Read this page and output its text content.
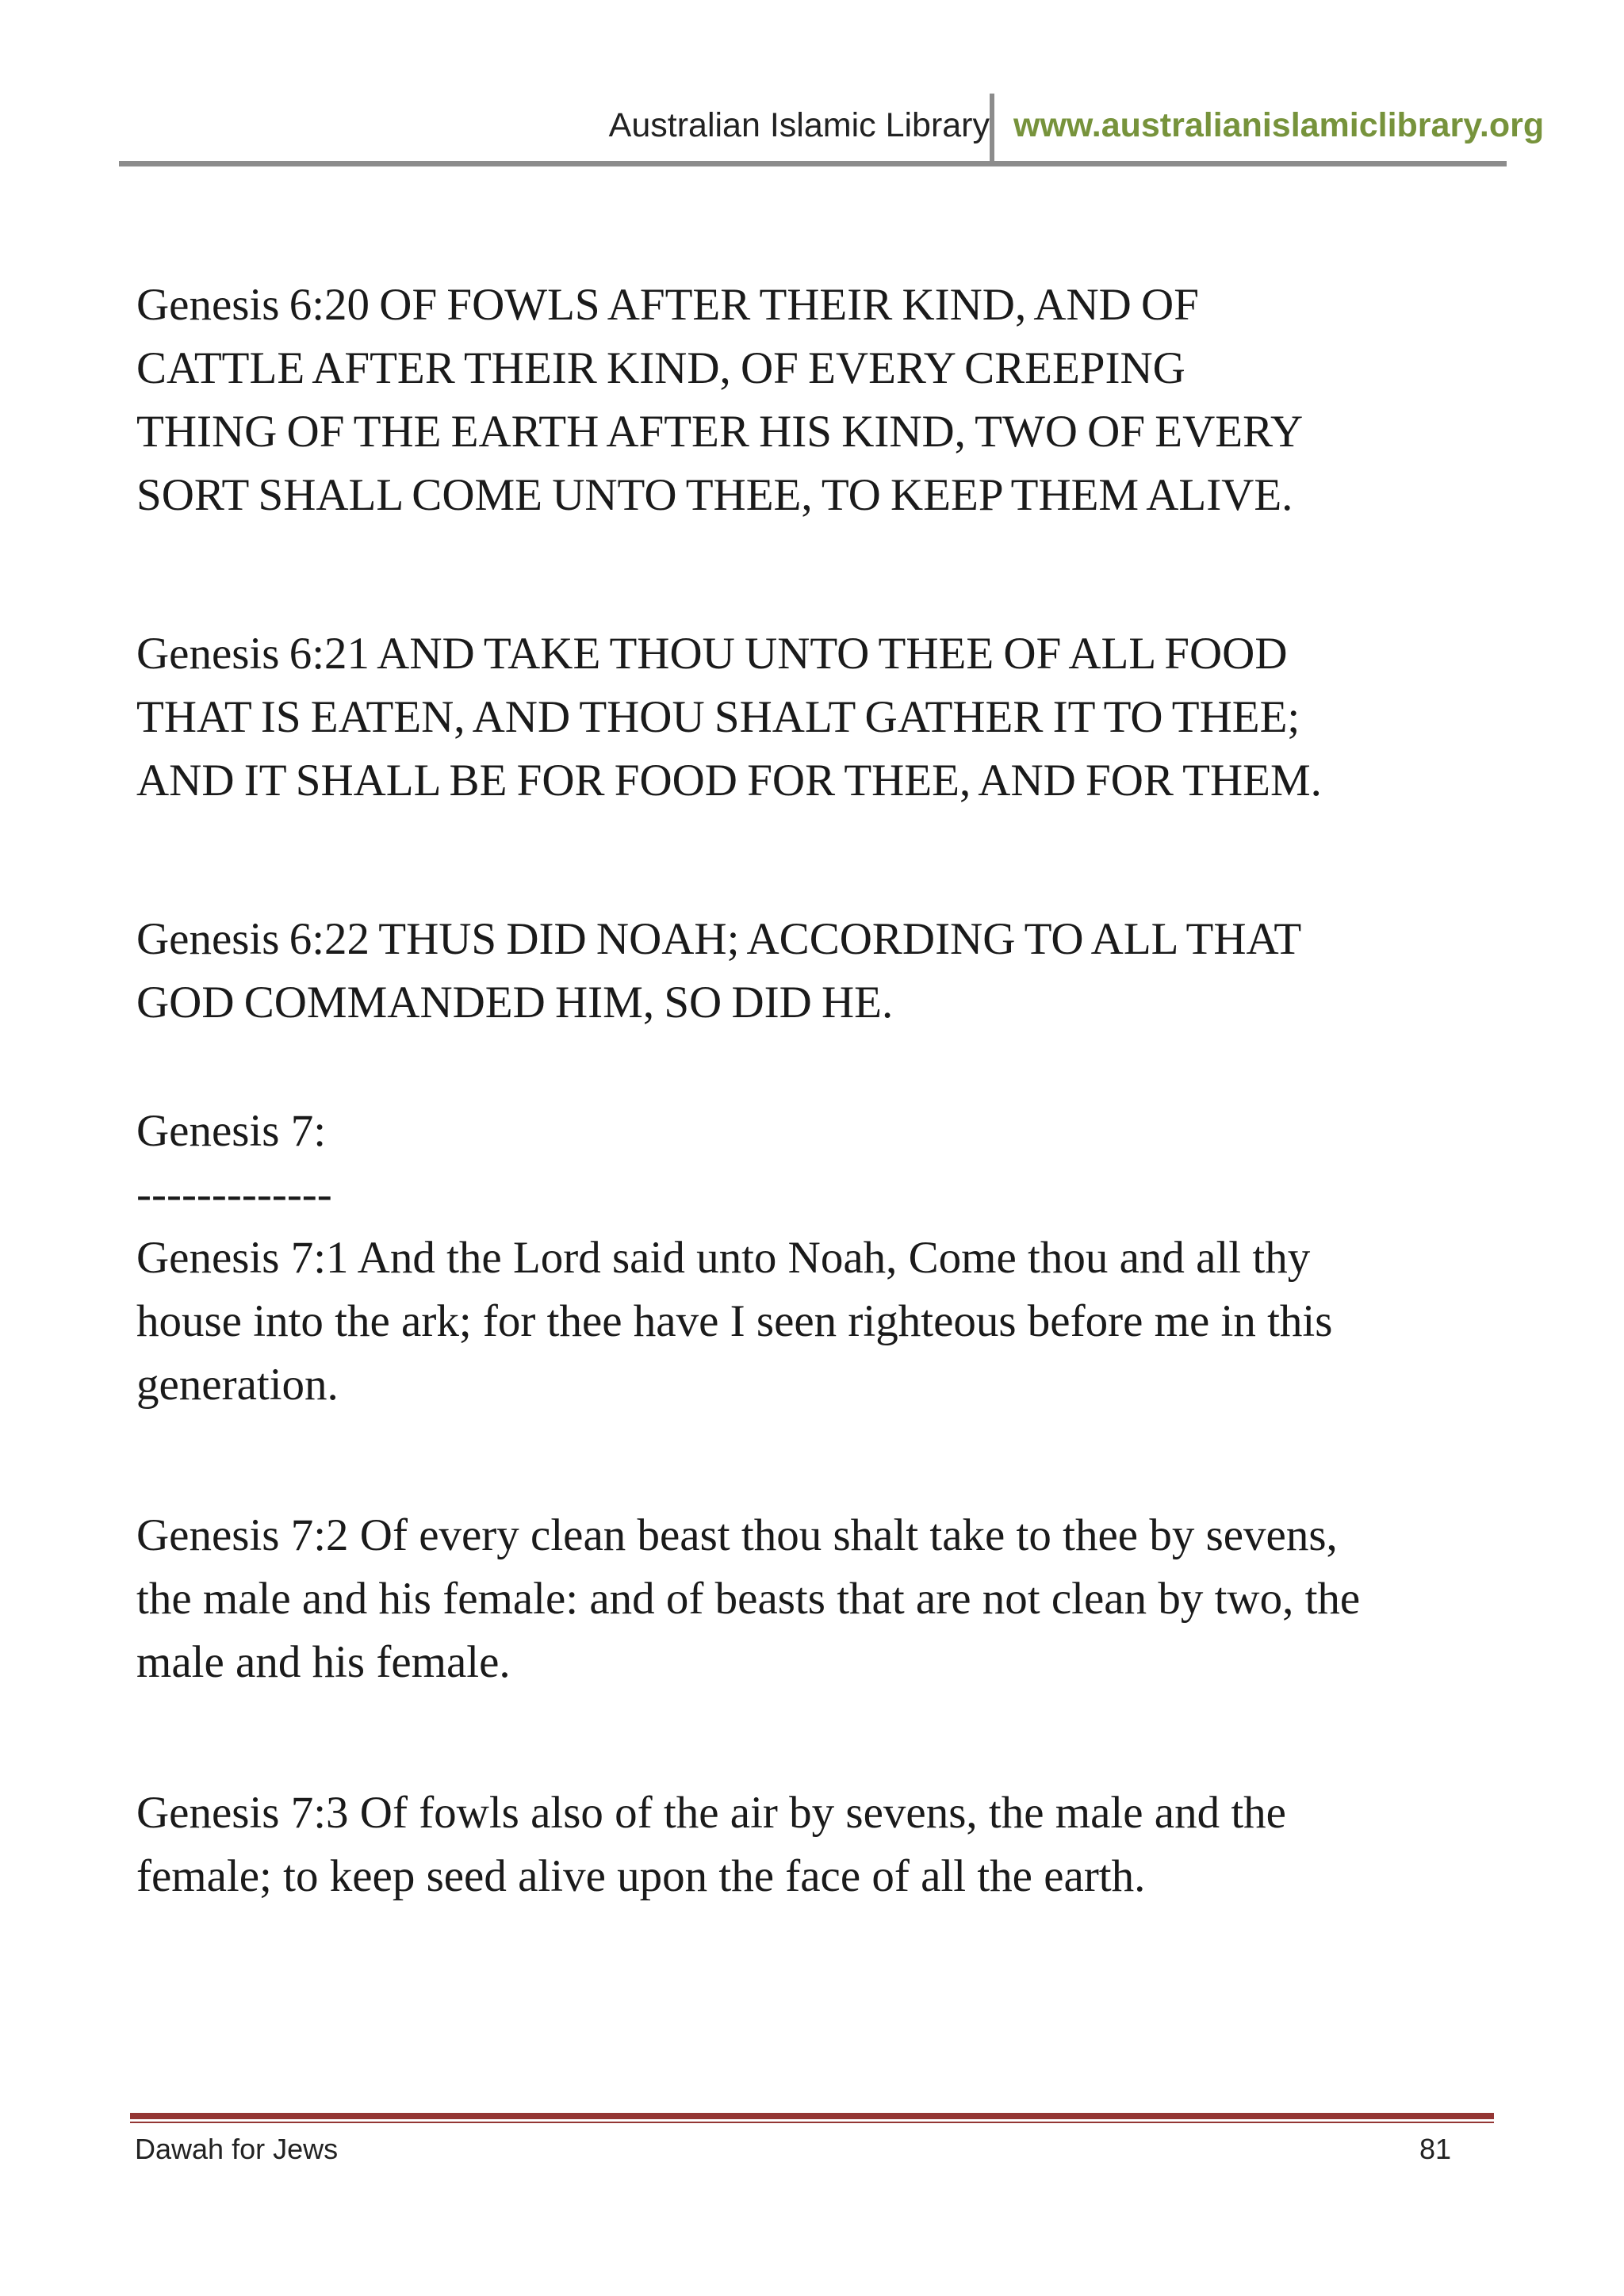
Australian Islamic Library www.australianislamiclibrary.org

Genesis 6:20 OF FOWLS AFTER THEIR KIND, AND OF
CATTLE AFTER THEIR KIND, OF EVERY CREEPING
THING OF THE EARTH AFTER HIS KIND, TWO OF EVERY
SORT SHALL COME UNTO THEE, TO KEEP THEM ALIVE.

Genesis 6:21 AND TAKE THOU UNTO THEE OF ALL FOOD
THAT IS EATEN, AND THOU SHALT GATHER IT TO THEE;
AND IT SHALL BE FOR FOOD FOR THEE, AND FOR THEM.

Genesis 6:22 THUS DID NOAH; ACCORDING TO ALL THAT
GOD COMMANDED HIM, SO DID HE.

Genesis 7:

-------------

Genesis 7:1 And the Lord said unto Noah, Come thou and all thy
house into the ark; for thee have I seen righteous before me in this
generation.

Genesis 7:2 Of every clean beast thou shalt take to thee by sevens,
the male and his female: and of beasts that are not clean by two, the
male and his female.

Genesis 7:3 Of fowls also of the air by sevens, the male and the
female; to keep seed alive upon the face of all the earth.

Dawah for Jews	81
